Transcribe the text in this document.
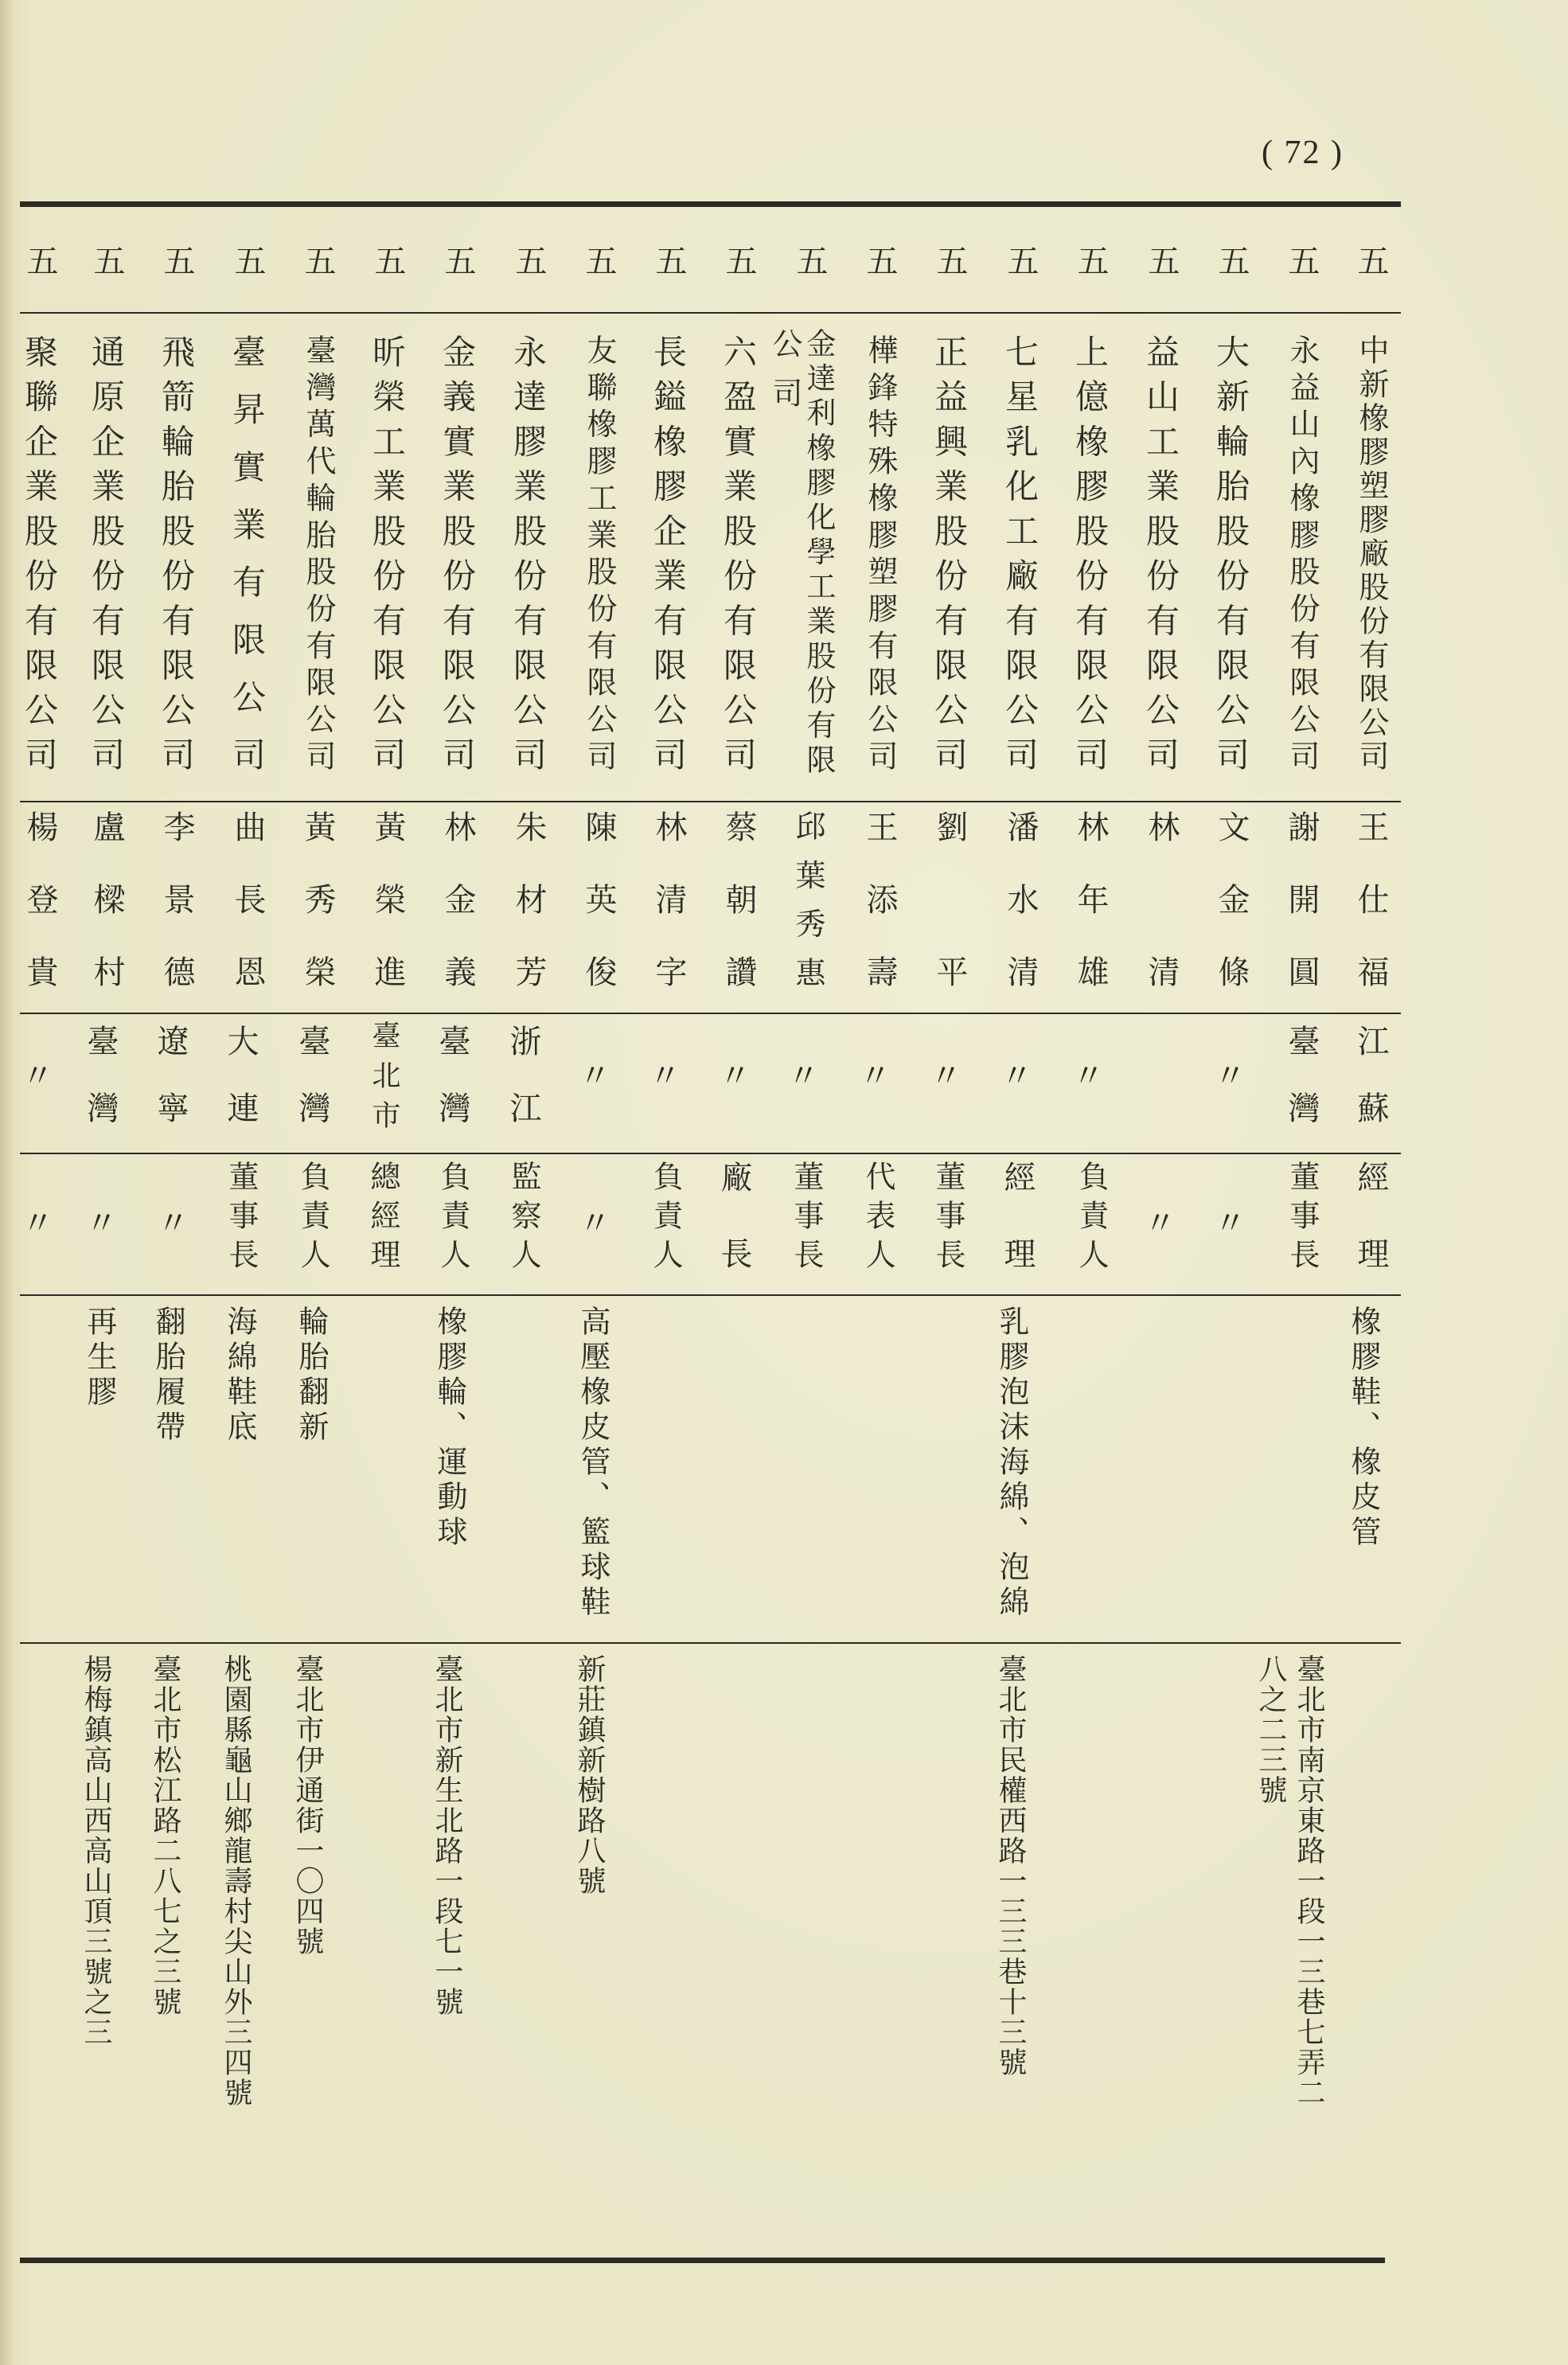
( 72 )
五
中新橡膠塑膠廠股份有限公司
王仕福
江蘇
經理
橡膠鞋、橡皮管
臺北市南京東路一段一三巷七弄二
八之二三號
五
永益山內橡膠股份有限公司
謝開圓
臺灣
董事長
五
大新輪胎股份有限公司
文金條
〃
〃
五
益山工業股份有限公司
林清
〃
五
上億橡膠股份有限公司
林年雄
〃
負責人
五
七星乳化工廠有限公司
潘水清
〃
經理
乳膠泡沫海綿、泡綿
臺北市民權西路一三三巷十三號
五
正益興業股份有限公司
劉平
〃
董事長
五
樺鋒特殊橡膠塑膠有限公司
王添壽
〃
代表人
五
金達利橡膠化學工業股份有限
公司
邱葉秀惠
〃
董事長
五
六盈實業股份有限公司
蔡朝讚
〃
廠長
五
長鎰橡膠企業有限公司
林清字
〃
負責人
五
友聯橡膠工業股份有限公司
陳英俊
〃
〃
高壓橡皮管、籃球鞋
新莊鎮新樹路八號
五
永達膠業股份有限公司
朱材芳
浙江
監察人
五
金義實業股份有限公司
林金義
臺灣
負責人
橡膠輪、運動球
臺北市新生北路一段七一號
五
昕榮工業股份有限公司
黃榮進
臺北市
總經理
五
臺灣萬代輪胎股份有限公司
黃秀榮
臺灣
負責人
輪胎翻新
臺北市伊通街一〇四號
五
臺昇實業有限公司
曲長恩
大連
董事長
海綿鞋底
桃園縣龜山鄉龍壽村尖山外三四號
五
飛箭輪胎股份有限公司
李景德
遼寧
〃
翻胎履帶
臺北市松江路二八七之三號
五
通原企業股份有限公司
盧樑村
臺灣
〃
再生膠
楊梅鎮高山西高山頂三號之三
五
聚聯企業股份有限公司
楊登貴
〃
〃
